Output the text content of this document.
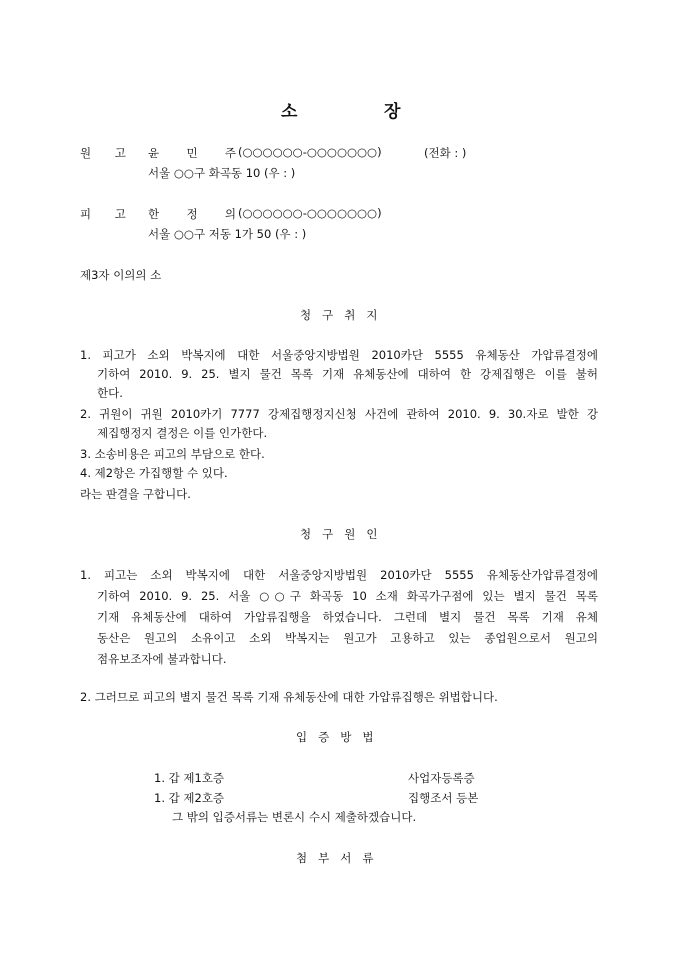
소	장
원 고 윤 민 주 (○○○○○○-○○○○○○○)	(전화 : )
서울 ○○구 화곡동 10 (우 : )
피 고 한 정 의 (○○○○○○-○○○○○○○)
서울 ○○구 저동 1가 50 (우 : )
제3자 이의의 소
청구취지
1. 피고가 소외 박복지에 대한 서울중앙지방법원 2010카단 5555 유체동산 가압류결정에
기하여 2010. 9. 25. 별지 물건 목록 기재 유체동산에 대하여 한 강제집행은 이를 불허
한다.
2. 귀원이 귀원 2010카기 7777 강제집행정지신청 사건에 관하여 2010. 9. 30.자로 발한 강
제집행정지 결정은 이를 인가한다.
3. 소송비용은 피고의 부담으로 한다.
4. 제2항은 가집행할 수 있다.
라는 판결을 구합니다.
청구원인
1. 피고는 소외 박복지에 대한 서울중앙지방법원 2010카단 5555 유체동산가압류결정에
기하여 2010. 9. 25. 서울 ○○구 화곡동 10 소재 화곡가구점에 있는 별지 물건 목록
기재 유체동산에 대하여 가압류집행을 하였습니다. 그런데 별지 물건 목록 기재 유체
동산은 원고의 소유이고 소외 박복지는 원고가 고용하고 있는 종업원으로서 원고의
점유보조자에 불과합니다.
2. 그러므로 피고의 별지 물건 목록 기재 유체동산에 대한 가압류집행은 위법합니다.
입증방법
1. 갑 제1호증	사업자등록증
1. 갑 제2호증	집행조서 등본
그 밖의 입증서류는 변론시 수시 제출하겠습니다.
첨부서류
